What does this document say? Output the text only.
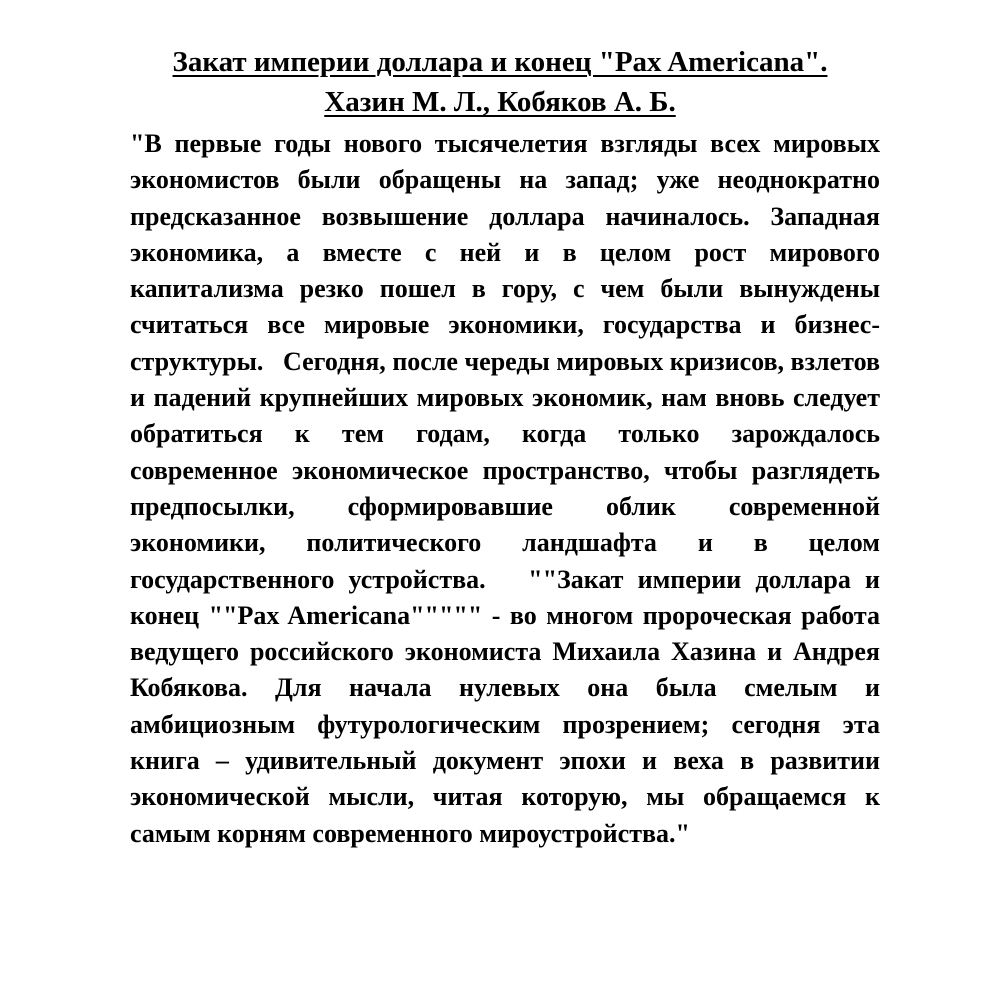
Закат империи доллара и конец "Pax Americana".
Хазин М. Л., Кобяков А. Б.

"В первые годы нового тысячелетия взгляды всех мировых экономистов были обращены на запад; уже неоднократно предсказанное возвышение доллара начиналось. Западная экономика, а вместе с ней и в целом рост мирового капитализма резко пошел в гору, с чем были вынуждены считаться все мировые экономики, государства и бизнес-структуры.   Сегодня, после череды мировых кризисов, взлетов и падений крупнейших мировых экономик, нам вновь следует обратиться к тем годам, когда только зарождалось современное экономическое пространство, чтобы разглядеть предпосылки, сформировавшие облик современной экономики, политического ландшафта и в целом государственного устройства.   ""Закат империи доллара и конец ""Pax Americana""""" - во многом пророческая работа ведущего российского экономиста Михаила Хазина и Андрея Кобякова. Для начала нулевых она была смелым и амбициозным футурологическим прозрением; сегодня эта книга – удивительный документ эпохи и веха в развитии экономической мысли, читая которую, мы обращаемся к самым корням современного мироустройства."
